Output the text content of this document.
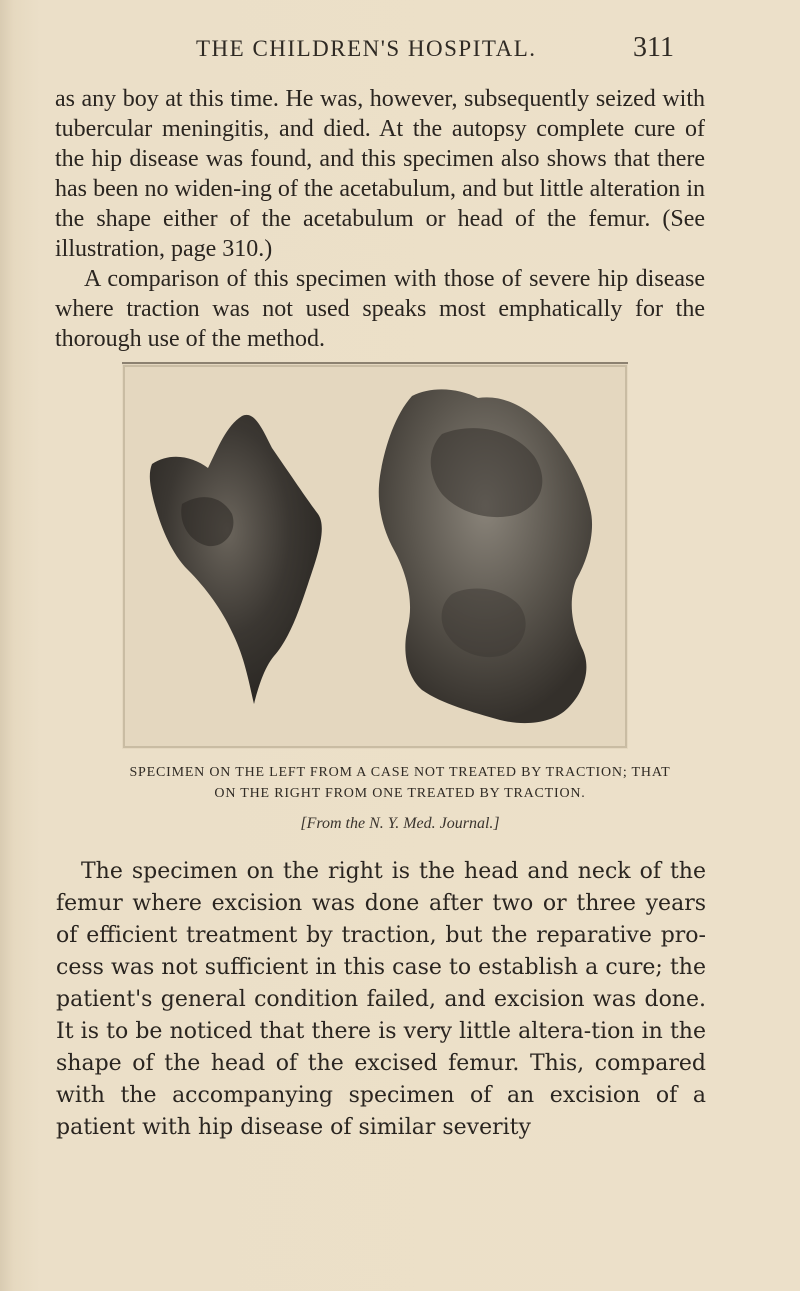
THE CHILDREN'S HOSPITAL.	311

as any boy at this time. He was, however, subsequently seized with tubercular meningitis, and died. At the autopsy complete cure of the hip disease was found, and this specimen also shows that there has been no widen-ing of the acetabulum, and but little alteration in the shape either of the acetabulum or head of the femur. (See illustration, page 310.)

A comparison of this specimen with those of severe hip disease where traction was not used speaks most emphatically for the thorough use of the method.

SPECIMEN ON THE LEFT FROM A CASE NOT TREATED BY TRACTION; THAT

ON THE RIGHT FROM ONE TREATED BY TRACTION.

[From the N. Y. Med. Journal.]

The specimen on the right is the head and neck of the femur where excision was done after two or three years of efficient treatment by traction, but the reparative pro-cess was not sufficient in this case to establish a cure; the patient's general condition failed, and excision was done. It is to be noticed that there is very little altera-tion in the shape of the head of the excised femur. This, compared with the accompanying specimen of an excision of a patient with hip disease of similar severity
